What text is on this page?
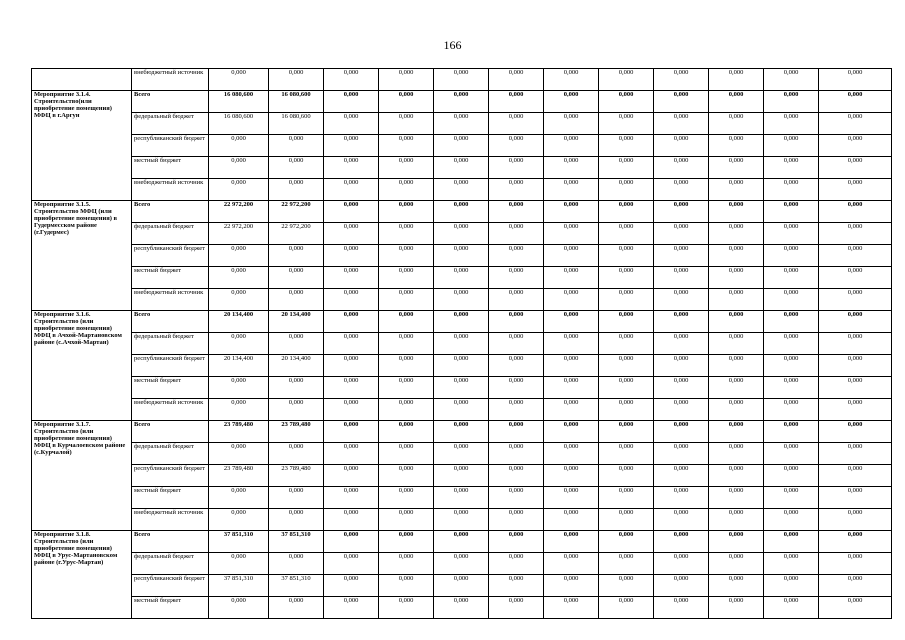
166
	внебюджетный источник	0,000	0,000	0,000	0,000	0,000	0,000	0,000	0,000	0,000	0,000	0,000	0,000
Мероприятие 3.1.4. Строительство(или приобретение помещения) МФЦ в г.Аргун	Всего	16 080,600	16 080,600	0,000	0,000	0,000	0,000	0,000	0,000	0,000	0,000	0,000	0,000
	федеральный бюджет	16 080,600	16 080,600	0,000	0,000	0,000	0,000	0,000	0,000	0,000	0,000	0,000	0,000
	республиканский бюджет	0,000	0,000	0,000	0,000	0,000	0,000	0,000	0,000	0,000	0,000	0,000	0,000
	местный бюджет	0,000	0,000	0,000	0,000	0,000	0,000	0,000	0,000	0,000	0,000	0,000	0,000
	внебюджетный источник	0,000	0,000	0,000	0,000	0,000	0,000	0,000	0,000	0,000	0,000	0,000	0,000
Мероприятие 3.1.5. Строительство МФЦ (или приобретение помещения) в Гудермесском районе (г.Гудермес)	Всего	22 972,200	22 972,200	0,000	0,000	0,000	0,000	0,000	0,000	0,000	0,000	0,000	0,000
	федеральный бюджет	22 972,200	22 972,200	0,000	0,000	0,000	0,000	0,000	0,000	0,000	0,000	0,000	0,000
	республиканский бюджет	0,000	0,000	0,000	0,000	0,000	0,000	0,000	0,000	0,000	0,000	0,000	0,000
	местный бюджет	0,000	0,000	0,000	0,000	0,000	0,000	0,000	0,000	0,000	0,000	0,000	0,000
	внебюджетный источник	0,000	0,000	0,000	0,000	0,000	0,000	0,000	0,000	0,000	0,000	0,000	0,000
Мероприятие 3.1.6. Строительство (или приобретение помещения) МФЦ в Ачхой-Мартановском районе (с.Ачхой-Мартан)	Всего	20 134,400	20 134,400	0,000	0,000	0,000	0,000	0,000	0,000	0,000	0,000	0,000	0,000
	федеральный бюджет	0,000	0,000	0,000	0,000	0,000	0,000	0,000	0,000	0,000	0,000	0,000	0,000
	республиканский бюджет	20 134,400	20 134,400	0,000	0,000	0,000	0,000	0,000	0,000	0,000	0,000	0,000	0,000
	местный бюджет	0,000	0,000	0,000	0,000	0,000	0,000	0,000	0,000	0,000	0,000	0,000	0,000
	внебюджетный источник	0,000	0,000	0,000	0,000	0,000	0,000	0,000	0,000	0,000	0,000	0,000	0,000
Мероприятие 3.1.7. Строительство (или приобретение помещения) МФЦ в Курчалоевском районе (с.Курчалой)	Всего	23 789,480	23 789,480	0,000	0,000	0,000	0,000	0,000	0,000	0,000	0,000	0,000	0,000
	федеральный бюджет	0,000	0,000	0,000	0,000	0,000	0,000	0,000	0,000	0,000	0,000	0,000	0,000
	республиканский бюджет	23 789,480	23 789,480	0,000	0,000	0,000	0,000	0,000	0,000	0,000	0,000	0,000	0,000
	местный бюджет	0,000	0,000	0,000	0,000	0,000	0,000	0,000	0,000	0,000	0,000	0,000	0,000
	внебюджетный источник	0,000	0,000	0,000	0,000	0,000	0,000	0,000	0,000	0,000	0,000	0,000	0,000
Мероприятие 3.1.8. Строительство (или приобретение помещения) МФЦ в Урус-Мартановском районе (г.Урус-Мартан)	Всего	37 851,310	37 851,310	0,000	0,000	0,000	0,000	0,000	0,000	0,000	0,000	0,000	0,000
	федеральный бюджет	0,000	0,000	0,000	0,000	0,000	0,000	0,000	0,000	0,000	0,000	0,000	0,000
	республиканский бюджет	37 851,310	37 851,310	0,000	0,000	0,000	0,000	0,000	0,000	0,000	0,000	0,000	0,000
	местный бюджет	0,000	0,000	0,000	0,000	0,000	0,000	0,000	0,000	0,000	0,000	0,000	0,000
